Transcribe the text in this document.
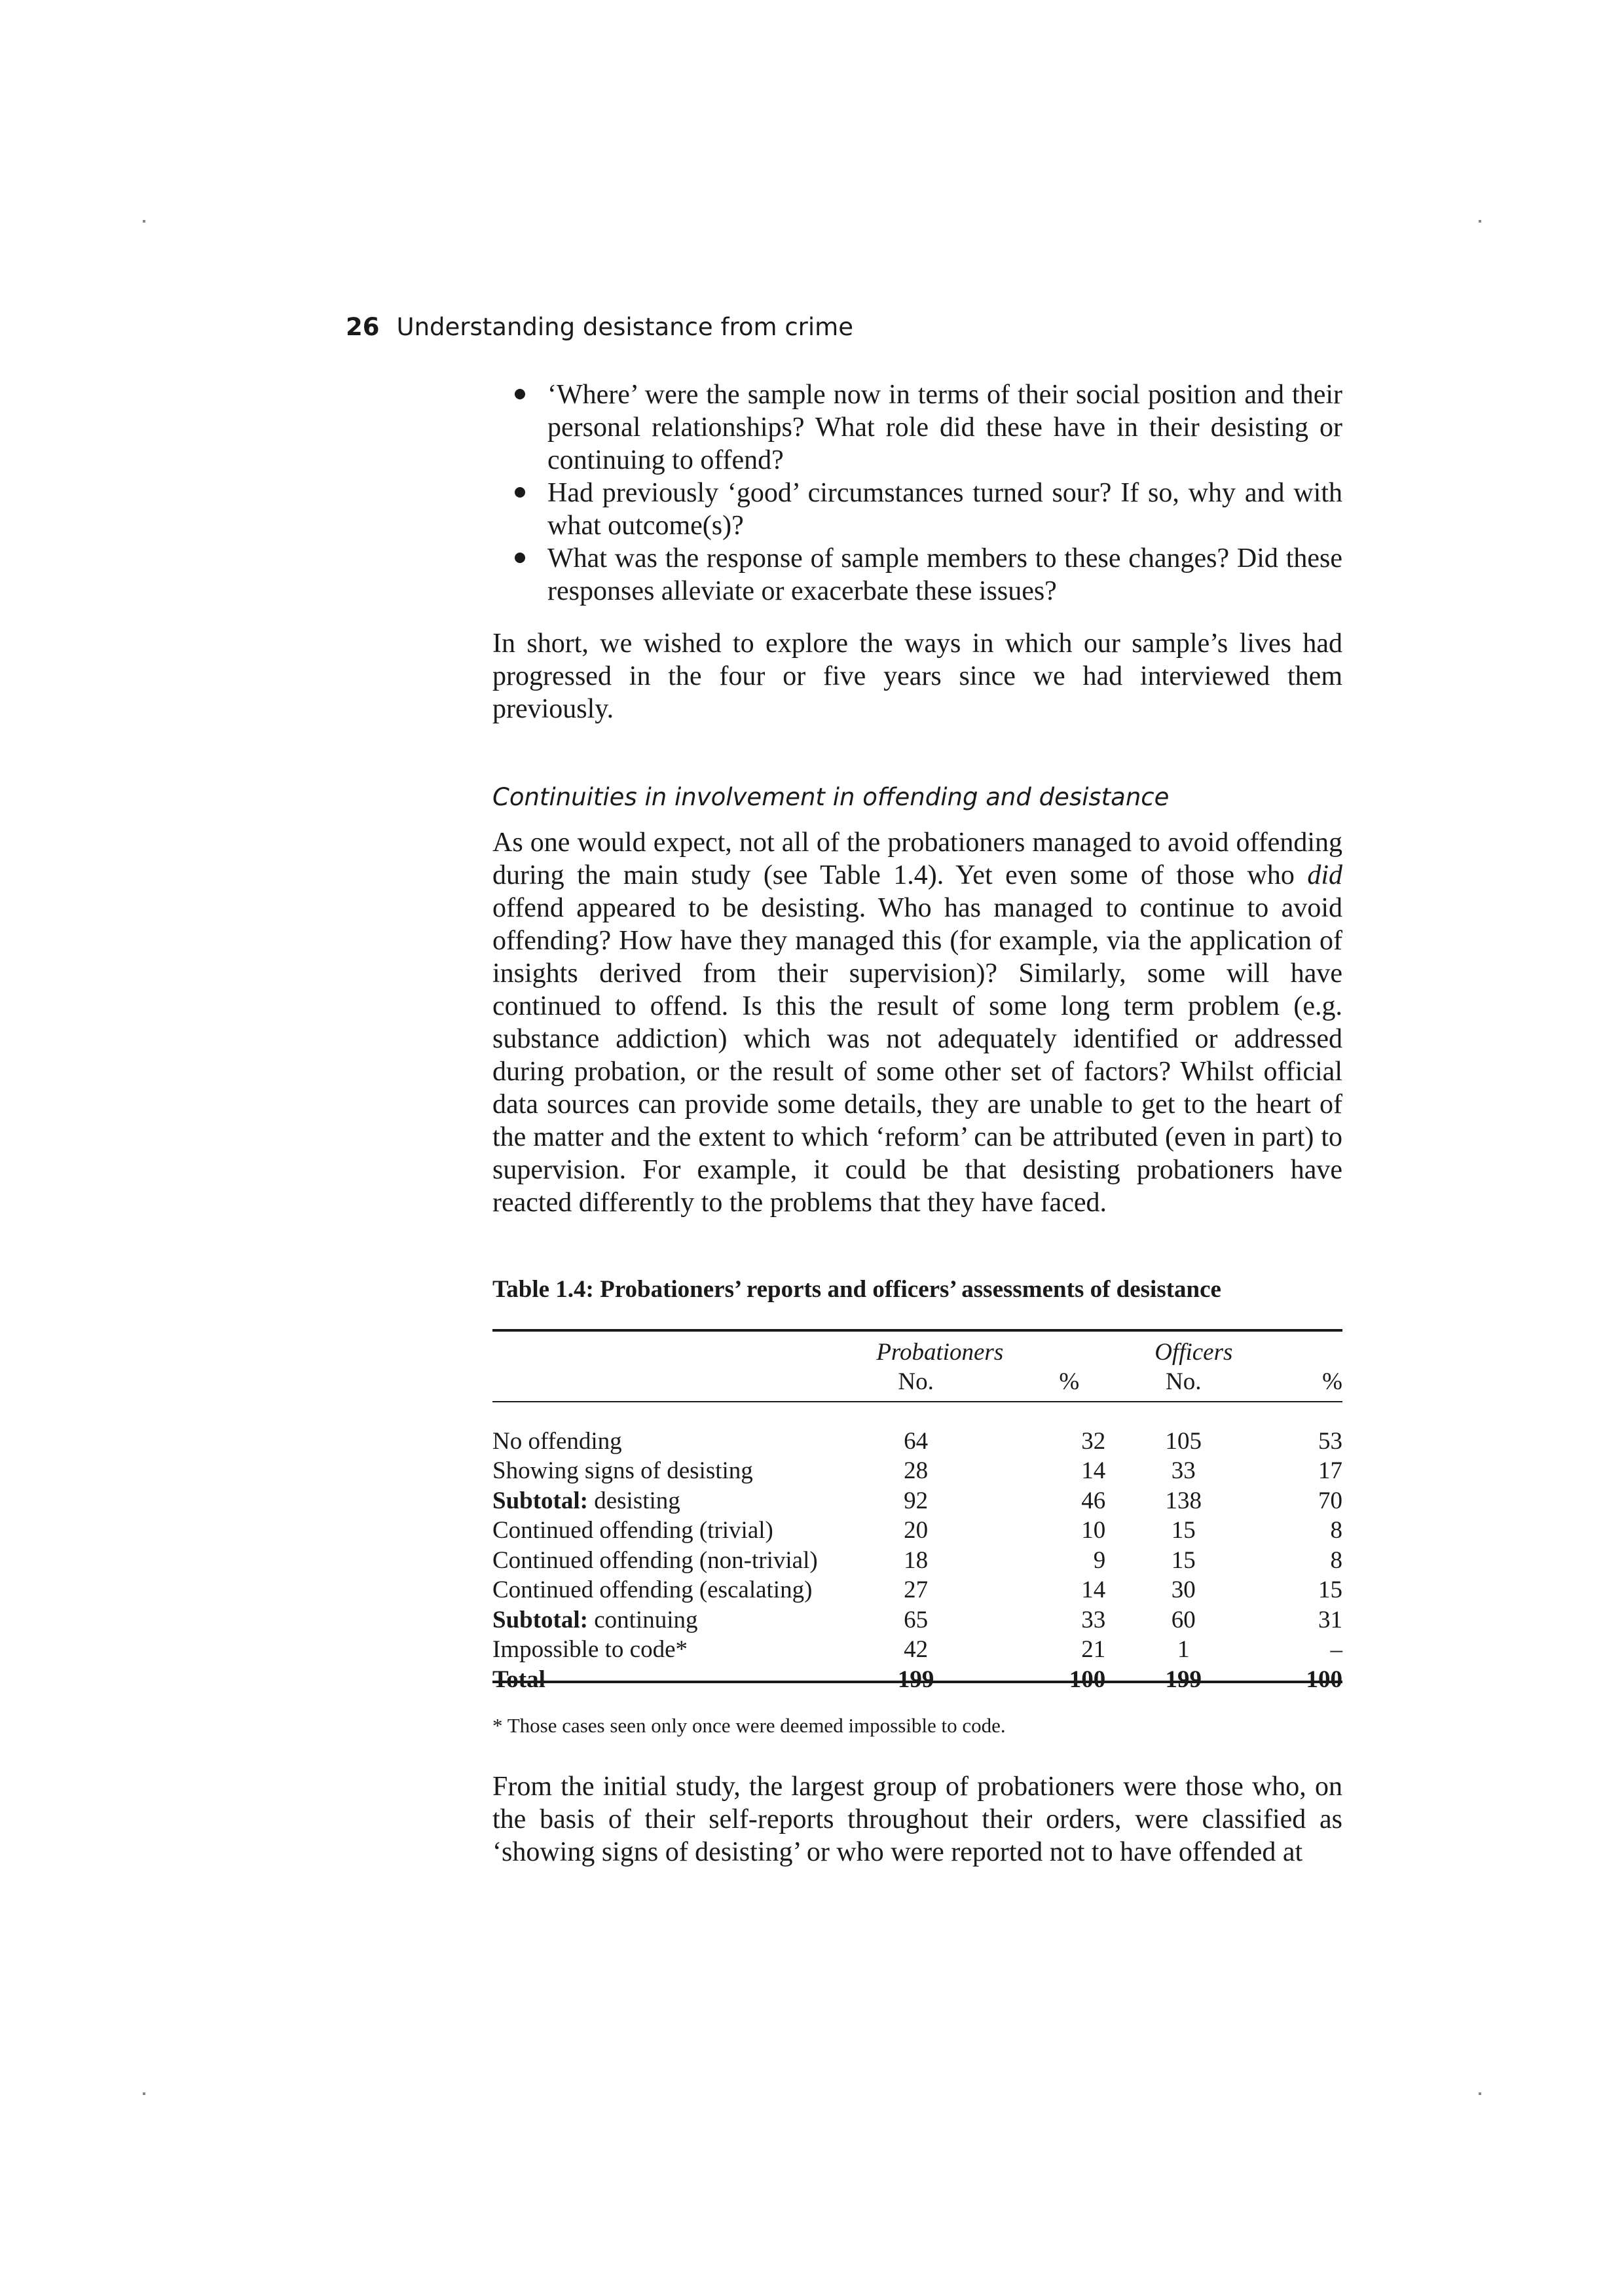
26 Understanding desistance from crime
‘Where’ were the sample now in terms of their social position and their personal relationships? What role did these have in their desisting or continuing to offend?
Had previously ‘good’ circumstances turned sour? If so, why and with what outcome(s)?
What was the response of sample members to these changes? Did these responses alleviate or exacerbate these issues?

In short, we wished to explore the ways in which our sample’s lives had progressed in the four or five years since we had interviewed them previously.

Continuities in involvement in offending and desistance

As one would expect, not all of the probationers managed to avoid offending during the main study (see Table 1.4). Yet even some of those who did offend appeared to be desisting. Who has managed to continue to avoid offending? How have they managed this (for example, via the application of insights derived from their supervision)? Similarly, some will have continued to offend. Is this the result of some long term problem (e.g. substance addiction) which was not adequately identified or addressed during probation, or the result of some other set of factors? Whilst official data sources can provide some details, they are unable to get to the heart of the matter and the extent to which ‘reform’ can be attributed (even in part) to supervision. For example, it could be that desisting probationers have reacted differently to the problems that they have faced.

Table 1.4: Probationers’ reports and officers’ assessments of desistance
	Probationers		Officers	
	No.	%	No.	%

No offending	64	32	105	53
Showing signs of desisting	28	14	33	17
Subtotal: desisting	92	46	138	70
Continued offending (trivial)	20	10	15	8
Continued offending (non-trivial)	18	9	15	8
Continued offending (escalating)	27	14	30	15
Subtotal: continuing	65	33	60	31
Impossible to code*	42	21	1	–
Total	199	100	199	100
* Those cases seen only once were deemed impossible to code.

From the initial study, the largest group of probationers were those who, on the basis of their self-reports throughout their orders, were classified as ‘showing signs of desisting’ or who were reported not to have offended at
